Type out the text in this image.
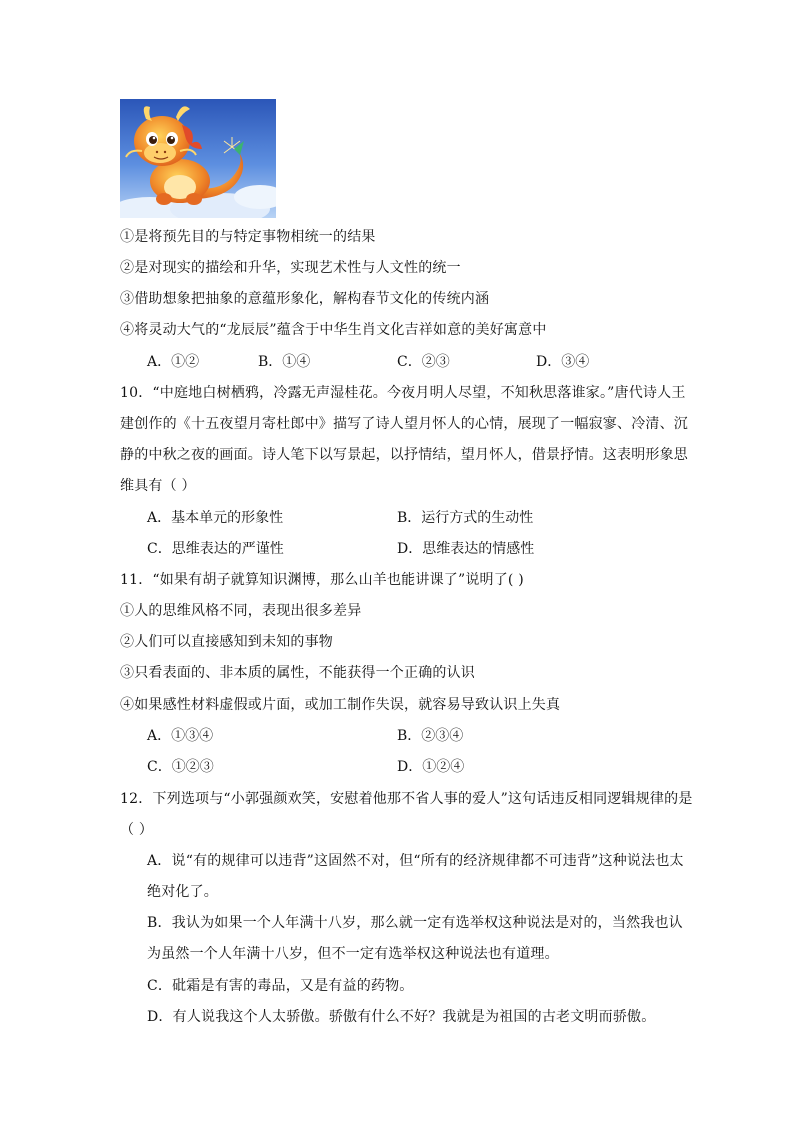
①是将预先目的与特定事物相统一的结果
②是对现实的描绘和升华，实现艺术性与人文性的统一
③借助想象把抽象的意蕴形象化，解构春节文化的传统内涵
④将灵动大气的“龙辰辰”蕴含于中华生肖文化吉祥如意的美好寓意中
A．①②	B．①④	C．②③	D．③④
10．“中庭地白树栖鸦，冷露无声湿桂花。今夜月明人尽望，不知秋思落谁家。”唐代诗人王
建创作的《十五夜望月寄杜郎中》描写了诗人望月怀人的心情，展现了一幅寂寥、冷清、沉
静的中秋之夜的画面。诗人笔下以写景起，以抒情结，望月怀人，借景抒情。这表明形象思
维具有（ ）
A．基本单元的形象性	B．运行方式的生动性
C．思维表达的严谨性	D．思维表达的情感性
11．“如果有胡子就算知识渊博，那么山羊也能讲课了”说明了( )
①人的思维风格不同，表现出很多差异
②人们可以直接感知到未知的事物
③只看表面的、非本质的属性，不能获得一个正确的认识
④如果感性材料虚假或片面，或加工制作失误，就容易导致认识上失真
A．①③④	B．②③④
C．①②③	D．①②④
12．下列选项与“小郭强颜欢笑，安慰着他那不省人事的爱人”这句话违反相同逻辑规律的是
（ ）
A．说“有的规律可以违背”这固然不对，但“所有的经济规律都不可违背”这种说法也太
绝对化了。
B．我认为如果一个人年满十八岁，那么就一定有选举权这种说法是对的，当然我也认
为虽然一个人年满十八岁，但不一定有选举权这种说法也有道理。
C．砒霜是有害的毒品，又是有益的药物。
D．有人说我这个人太骄傲。骄傲有什么不好？我就是为祖国的古老文明而骄傲。
